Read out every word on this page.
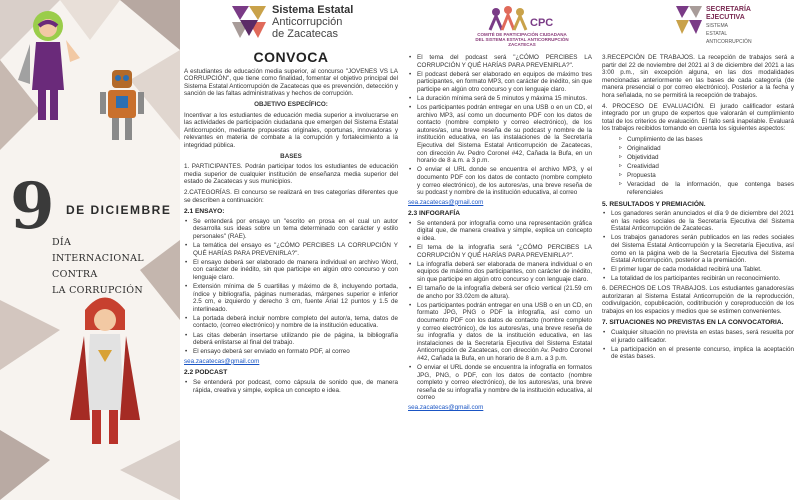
9 DE DICIEMBRE
DÍA
INTERNACIONAL
CONTRA
LA CORRUPCIÓN
Sistema Estatal
Anticorrupción
de Zacatecas
CPC
COMITÉ DE PARTICIPACIÓN CIUDADANA
DEL SISTEMA ESTATAL ANTICORRUPCIÓN
ZACATECAS
SECRETARÍA
EJECUTIVA
SISTEMA
ESTATAL
ANTICORRUPCIÓN
CONVOCA

A estudiantes de educación media superior, al concurso "JOVENES VS LA CORRUPCIÓN", que tiene como finalidad, fomentar el objetivo principal del Sistema Estatal Anticorrupción de Zacatecas que es prevención, detección y sanción de las faltas administrativas y hechos de corrupción.

OBJETIVO ESPECÍFICO:

Incentivar a los estudiantes de educación media superior a involucrarse en las actividades de participación ciudadana que emergen del Sistema Estatal Anticorrupción, mediante propuestas originales, oportunas, innovadoras y relevantes en materia de combate a la corrupción y fortalecimiento a la integridad pública.

BASES

1. PARTICIPANTES. Podrán participar todos los estudiantes de educación media superior de cualquier institución de enseñanza media superior del estado de Zacatecas y sus municipios.

2.CATEGORÍAS. El concurso se realizará en tres categorías diferentes que se describen a continuación:

2.1 ENSAYO:
• Se entenderá por ensayo un "escrito en prosa en el cual un autor desarrolla sus ideas sobre un tema determinado con carácter y estilo personales" (RAE).
• La temática del ensayo es "¿CÓMO PERCIBES LA CORRUPCIÓN Y QUÉ HARÍAS PARA PREVENIRLA?".
• El ensayo deberá ser elaborado de manera individual en archivo Word, con carácter de inédito, sin que participe en algún otro concurso y con lenguaje claro.
• Extensión mínima de 5 cuartillas y máximo de 8, incluyendo portada, índice y bibliografía, páginas numeradas, márgenes superior e inferior 2.5 cm, e izquierdo y derecho 3 cm, fuente Arial 12 puntos y 1.5 de interlineado.
• La portada deberá incluir nombre completo del autor/a, tema, datos de contacto, (correo electrónico) y nombre de la institución educativa.
• Las citas deberán insertarse utilizando pie de página, la bibliografía deberá enlistarse al final del trabajo.
• El ensayo deberá ser enviado en formato PDF, al correo

sea.zacatecas@gmail.com

2.2 PODCAST
• Se entenderá por podcast, como cápsula de sonido que, de manera rápida, creativa y simple, explica un concepto e idea.
• El tema del podcast será "¿CÓMO PERCIBES LA CORRUPCIÓN Y QUÉ HARÍAS PARA PREVENIRLA?".
• El podcast deberá ser elaborado en equipos de máximo tres participantes, en formato MP3, con carácter de inédito, sin que participe en algún otro concurso y con lenguaje claro.
• La duración mínima será de 5 minutos y máxima 15 minutos.
• Los participantes podrán entregar en una USB o en un CD, el archivo MP3, así como un documento PDF con los datos de contacto (nombre completo y correo electrónico), de los autores/as, una breve reseña de su podcast y nombre de la institución educativa, en las instalaciones de la Secretaría Ejecutiva del Sistema Estatal Anticorrupción de Zacatecas, con dirección Av. Pedro Coronel #42, Cañada la Bufa, en un horario de 8 a.m. a 3 p.m.
• O enviar el URL donde se encuentra el archivo MP3, y el documento PDF con los datos de contacto (nombre completo y correo electrónico), de los autores/as, una breve reseña de su podcast y nombre de la institución educativa, al correo

sea.zacatecas@gmail.com

2.3 INFOGRAFÍA
• Se entenderá por infografía como una representación gráfica digital que, de manera creativa y simple, explica un concepto e idea.
• El tema de la infografía será "¿CÓMO PERCIBES LA CORRUPCIÓN Y QUÉ HARÍAS PARA PREVENIRLA?".
• La infografía deberá ser elaborada de manera individual o en equipos de máximo dos participantes, con carácter de inédito, sin que participe en algún otro concurso y con lenguaje claro.
• El tamaño de la infografía deberá ser oficio vertical (21.59 cm de ancho por 33.02cm de altura).
• Los participantes podrán entregar en una USB o en un CD, en formato JPG, PNG o PDF la infografía, así como un documento PDF con los datos de contacto (nombre completo y correo electrónico), de los autores/as, una breve reseña de su infografía y datos de la institución educativa, en las instalaciones de la Secretaría Ejecutiva del Sistema Estatal Anticorrupción de Zacatecas, con dirección Av. Pedro Coronel #42, Cañada la Bufa, en un horario de 8 a.m. a 3 p.m.
• O enviar el URL donde se encuentra la infografía en formatos JPG, PNG, o PDF, con los datos de contacto (nombre completo y correo electrónico), de los autores/as, una breve reseña de su infografía y nombre de la institución educativa, al correo

sea.zacatecas@gmail.com

3.RECEPCIÓN DE TRABAJOS. La recepción de trabajos será a partir del 22 de noviembre del 2021 al 3 de diciembre del 2021 a las 3:00 p.m., sin excepción alguna, en las dos modalidades mencionadas anteriormente en las bases de cada categoría (de manera presencial o por correo electrónico). Posterior a la fecha y hora señalada, no se permitirá la recepción de trabajos.

4. PROCESO DE EVALUACIÓN. El jurado calificador estará integrado por un grupo de expertos que valorarán el cumplimiento total de los criterios de evaluación. El fallo será inapelable. Evaluará los trabajos recibidos tomando en cuenta los siguientes aspectos:

▹ Cumplimiento de las bases
▹ Originalidad
▹ Objetividad
▹ Creatividad
▹ Propuesta
▹ Veracidad de la información, que contenga bases referenciales
5. RESULTADOS Y PREMIACIÓN.
• Los ganadores serán anunciados el día 9 de diciembre del 2021 en las redes sociales de la Secretaría Ejecutiva del Sistema Estatal Anticorrupción de Zacatecas.
• Los trabajos ganadores serán publicados en las redes sociales del Sistema Estatal Anticorrupción y la Secretaría Ejecutiva, así como en la página web de la Secretaría Ejecutiva del Sistema Estatal Anticorrupción, posterior a la premiación.
• El primer lugar de cada modalidad recibirá una Tablet.
• La totalidad de los participantes recibirán un reconocimiento.

6. DERECHOS DE LOS TRABAJOS. Los estudiantes ganadores/as autorizaran al Sistema Estatal Anticorrupción de la reproducción, codivulgación, copublicación, coditribución y coreproducción de los trabajos en los espacios y medios que se estimen convenientes.

7. SITUACIONES NO PREVISTAS EN LA CONVOCATORIA.
• Cualquier situación no prevista en estas bases, será resuelta por el jurado calificador.
• La participación en el presente concurso, implica la aceptación de estas bases.
